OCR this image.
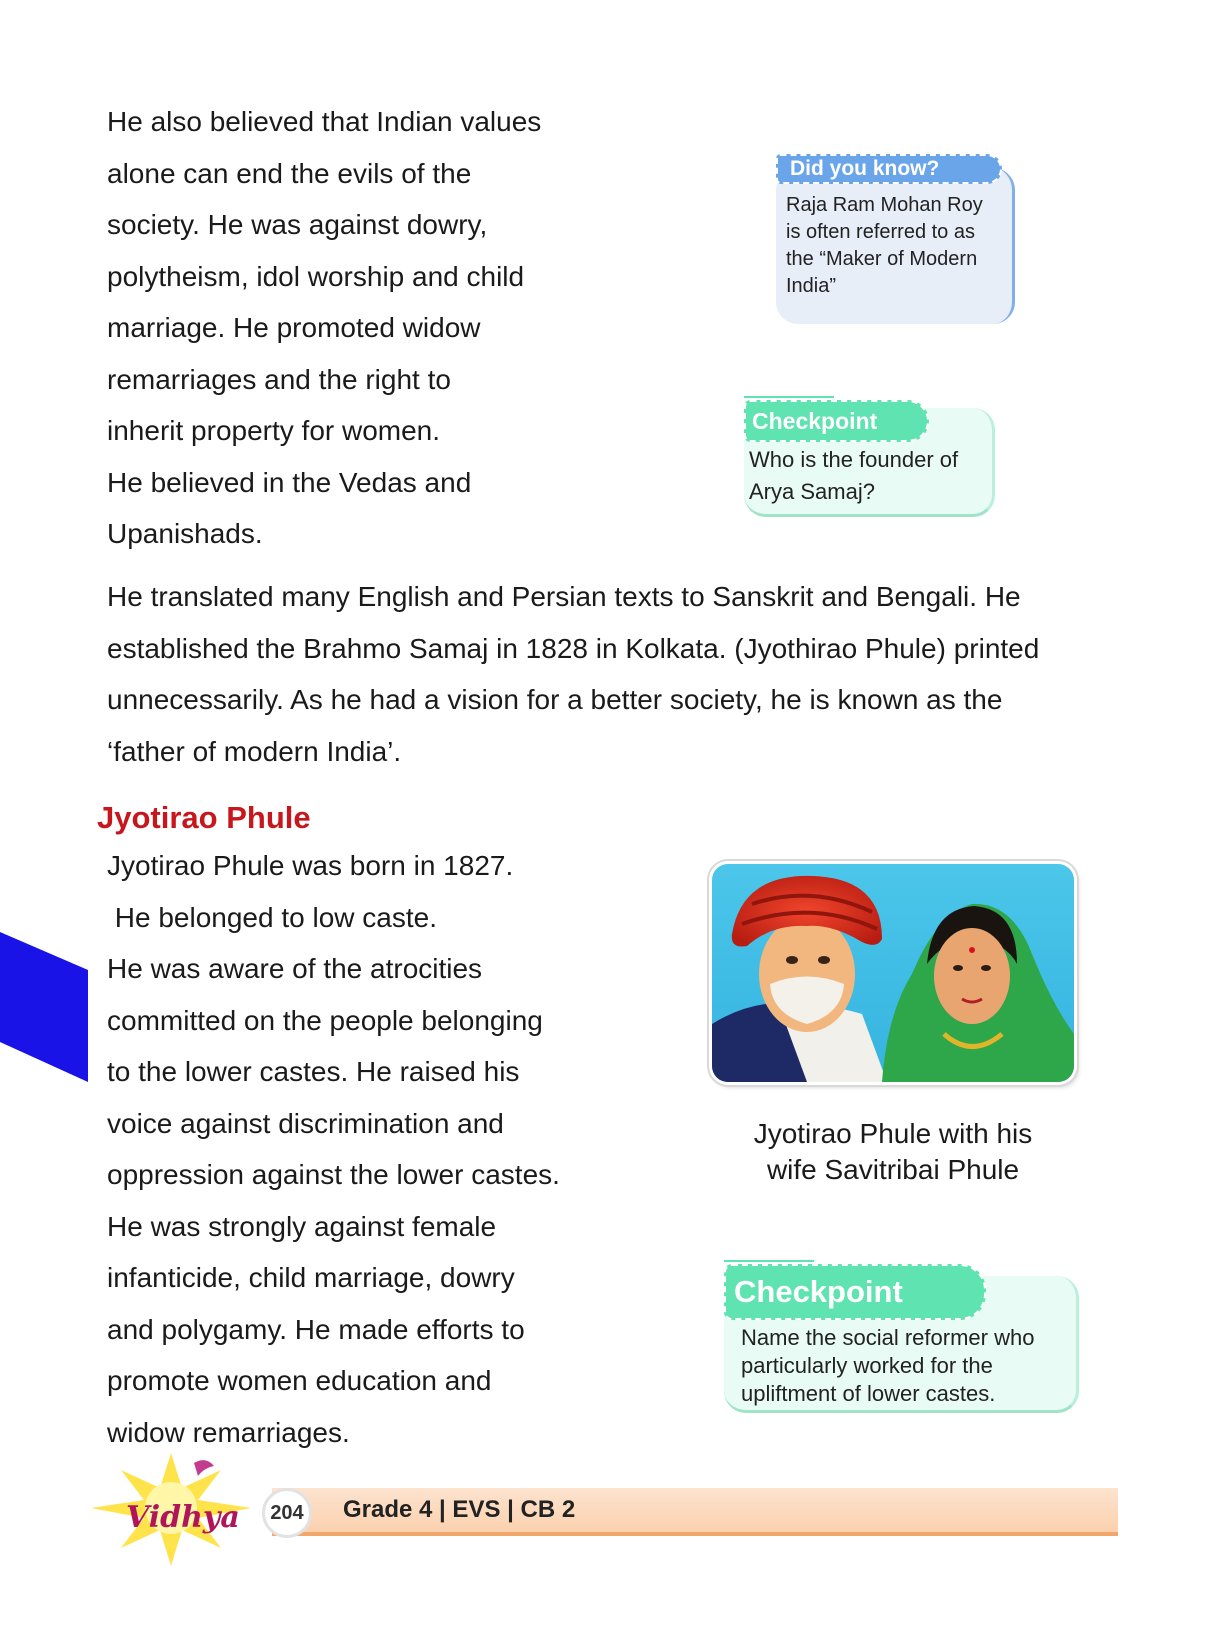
He also believed that Indian values
alone can end the evils of the
society. He was against dowry,
polytheism, idol worship and child
marriage. He promoted widow
remarriages and the right to
inherit property for women.
He believed in the Vedas and
Upanishads.
Did you know?
Raja Ram Mohan Roy
is often referred to as
the “Maker of Modern
India”
Checkpoint
Who is the founder of
Arya Samaj?
He translated many English and Persian texts to Sanskrit and Bengali. He
established the Brahmo Samaj in 1828 in Kolkata. (Jyothirao Phule) printed
unnecessarily. As he had a vision for a better society, he is known as the
‘father of modern India’.
Jyotirao Phule
Jyotirao Phule was born in 1827.
He belonged to low caste.
He was aware of the atrocities
committed on the people belonging
to the lower castes. He raised his
voice against discrimination and
oppression against the lower castes.
He was strongly against female
infanticide, child marriage, dowry
and polygamy. He made efforts to
promote women education and
widow remarriages.
Jyotirao Phule with his
wife Savitribai Phule
Checkpoint
Name the social reformer who
particularly worked for the
upliftment of lower castes.
Vidhya	204	Grade 4 | EVS | CB 2
